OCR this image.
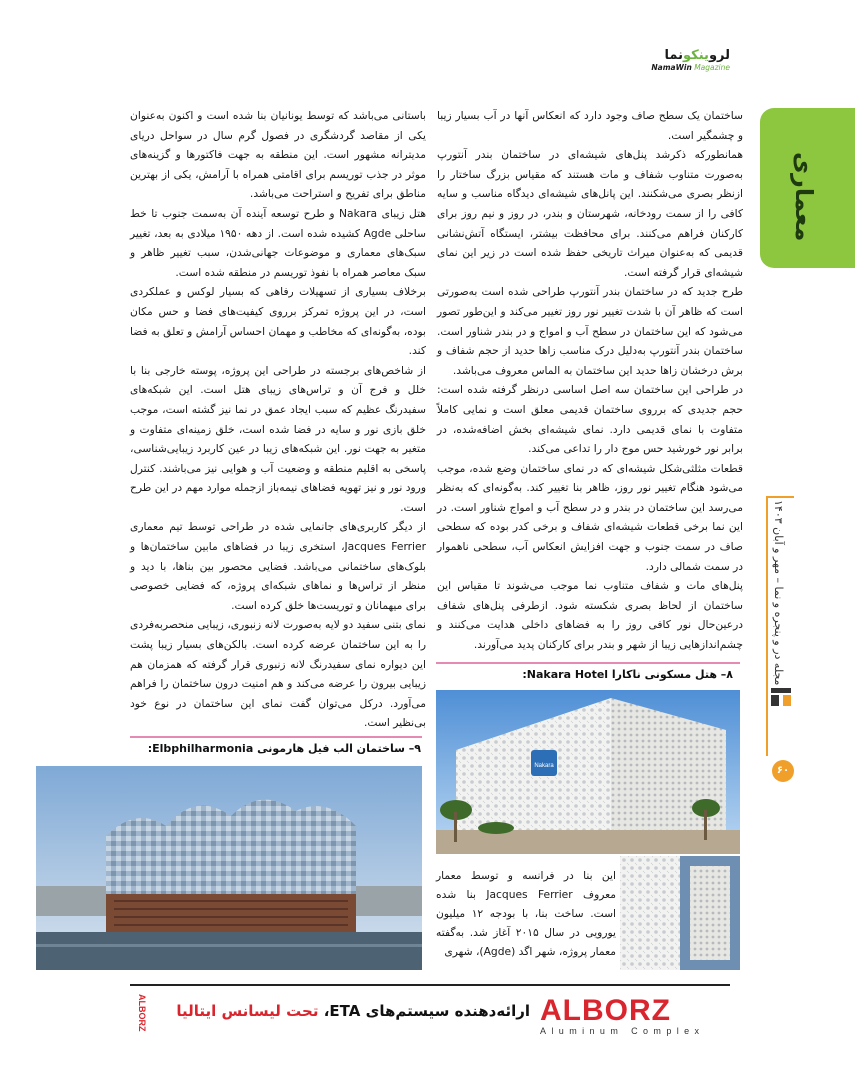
لروینکونما
NamaWin Magazine
معماری
مجله در و پنجره و نما – مهر و آبان ۱۴۰۳
۶۰

ساختمان یک سطح صاف وجود دارد که انعکاس آنها در آب بسیار زیبا و چشمگیر است.

همانطورکه ذکرشد پنل‌های شیشه‌ای در ساختمان بندر آنتورپ به‌صورت متناوب شفاف و مات هستند که مقیاس بزرگ ساختار را ازنظر بصری می‌شکنند. این پانل‌های شیشه‌ای دیدگاه مناسب و سایه کافی را از سمت رودخانه، شهرستان و بندر، در روز و نیم روز برای کارکنان فراهم می‌کنند. برای محافظت بیشتر، ایستگاه آتش‌نشانی قدیمی که به‌عنوان میراث تاریخی حفظ شده است در زیر این نمای شیشه‌ای قرار گرفته است.

طرح جدید که در ساختمان بندر آنتورپ طراحی شده است به‌صورتی است که ظاهر آن با شدت تغییر نور روز تغییر می‌کند و این‌طور تصور می‌شود که این ساختمان در سطح آب و امواج و در بندر شناور است. ساختمان بندر آنتورپ به‌دلیل درک مناسب زاها حدید از حجم شفاف و برش درخشان زاها حدید این ساختمان به الماس معروف می‌باشد.

در طراحی این ساختمان سه اصل اساسی درنظر گرفته شده است: حجم جدیدی که برروی ساختمان قدیمی معلق است و نمایی کاملاً متفاوت با نمای قدیمی دارد. نمای شیشه‌ای بخش اضافه‌شده، در برابر نور خورشید حس موج دار را تداعی می‌کند.

قطعات مثلثی‌شکل شیشه‌ای که در نمای ساختمان وضع شده، موجب می‌شود هنگام تغییر نور روز، ظاهر بنا تغییر کند. به‌گونه‌ای که به‌نظر می‌رسد این ساختمان در بندر و در سطح آب و امواج شناور است. در این نما برخی قطعات شیشه‌ای شفاف و برخی کدر بوده که سطحی صاف در سمت جنوب و جهت افزایش انعکاس آب، سطحی ناهموار در سمت شمالی دارد.

پنل‌های مات و شفاف متناوب نما موجب می‌شوند تا مقیاس این ساختمان از لحاظ بصری شکسته شود. ازطرفی پنل‌های شفاف درعین‌حال نور کافی روز را به فضاهای داخلی هدایت می‌کنند و چشم‌اندازهایی زیبا از شهر و بندر برای کارکنان پدید می‌آورند.

باستانی می‌باشد که توسط یونانیان بنا شده است و اکنون به‌عنوان یکی از مقاصد گردشگری در فصول گرم سال در سواحل دریای مدیترانه مشهور است. این منطقه به جهت فاکتورها و گزینه‌های موثر در جذب توریسم برای اقامتی همراه با آرامش، یکی از بهترین مناطق برای تفریح و استراحت می‌باشد.

هتل زیبای Nakara و طرح توسعه آینده آن به‌سمت جنوب تا خط ساحلی Agde کشیده شده است. از دهه ۱۹۵۰ میلادی به بعد، تغییر سبک‌های معماری و موضوعات جهانی‌شدن، سبب تغییر ظاهر و سبک معاصر همراه با نفوذ توریسم در منطقه شده است.

برخلاف بسیاری از تسهیلات رفاهی که بسیار لوکس و عملکردی است، در این پروژه تمرکز برروی کیفیت‌های فضا و حس مکان بوده، به‌گونه‌ای که مخاطب و مهمان احساس آرامش و تعلق به فضا کند.

از شاخص‌های برجسته در طراحی این پروژه، پوسته خارجی بنا با خلل و فرج آن و تراس‌های زیبای هتل است. این شبکه‌های سفیدرنگ عظیم که سبب ایجاد عمق در نما نیز گشته است، موجب خلق بازی نور و سایه در فضا شده است، خلق زمینه‌ای متفاوت و متغیر به جهت نور. این شبکه‌های زیبا در عین کاربرد زیبایی‌شناسی، پاسخی به اقلیم منطقه و وضعیت آب و هوایی نیز می‌باشند. کنترل ورود نور و نیز تهویه فضاهای نیمه‌باز ازجمله موارد مهم در این طرح است.

از دیگر کاربری‌های جانمایی شده در طراحی توسط تیم معماری Jacques Ferrier، استخری زیبا در فضاهای مابین ساختمان‌ها و بلوک‌های ساختمانی می‌باشد. فضایی محصور بین بناها، با دید و منظر از تراس‌ها و نماهای شبکه‌ای پروژه، که فضایی خصوصی برای میهمانان و توریست‌ها خلق کرده است.

نمای بتنی سفید دو لایه به‌صورت لانه زنبوری، زیبایی منحصربه‌فردی را به این ساختمان عرضه کرده است. بالکن‌های بسیار زیبا پشت این دیواره نمای سفیدرنگ لانه زنبوری قرار گرفته که همزمان هم زیبایی بیرون را عرضه می‌کند و هم امنیت درون ساختمان را فراهم می‌آورد. درکل می‌توان گفت نمای این ساختمان در نوع خود بی‌نظیر است.

۸– هتل مسکونی ناکارا Nakara Hotel:
Nakara
این بنا در فرانسه و توسط معمار معروف Jacques Ferrier بنا شده است. ساخت بنا، با بودجه ۱۲ میلیون یورویی در سال ۲۰۱۵ آغاز شد. به‌گفته معمار پروژه، شهر اگد (Agde)، شهری
۹– ساختمان الب فیل هارمونی Elbphilharmonia:
ALBORZ
Aluminum Complex
ارائه‌دهنده سیستم‌های ETA، تحت لیسانس ایتالیا
ALBORZ
